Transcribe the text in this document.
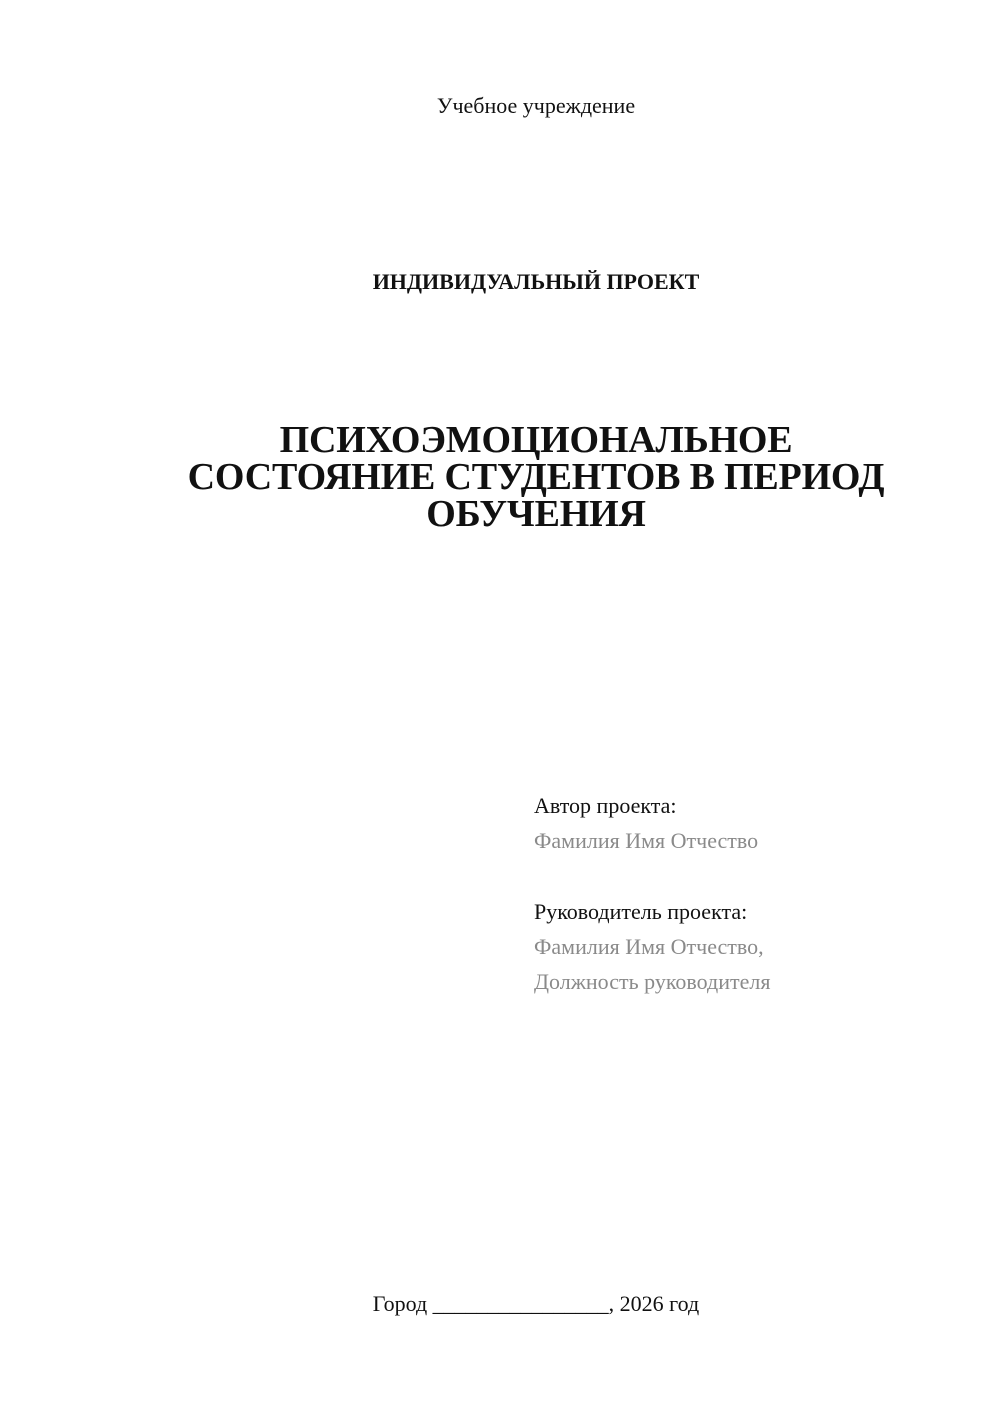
Учебное учреждение
ИНДИВИДУАЛЬНЫЙ ПРОЕКТ
ПСИХОЭМОЦИОНАЛЬНОЕ
СОСТОЯНИЕ СТУДЕНТОВ В ПЕРИОД
ОБУЧЕНИЯ
Автор проекта:
Фамилия Имя Отчество
Руководитель проекта:
Фамилия Имя Отчество,
Должность руководителя
Город ________________, 2026 год
